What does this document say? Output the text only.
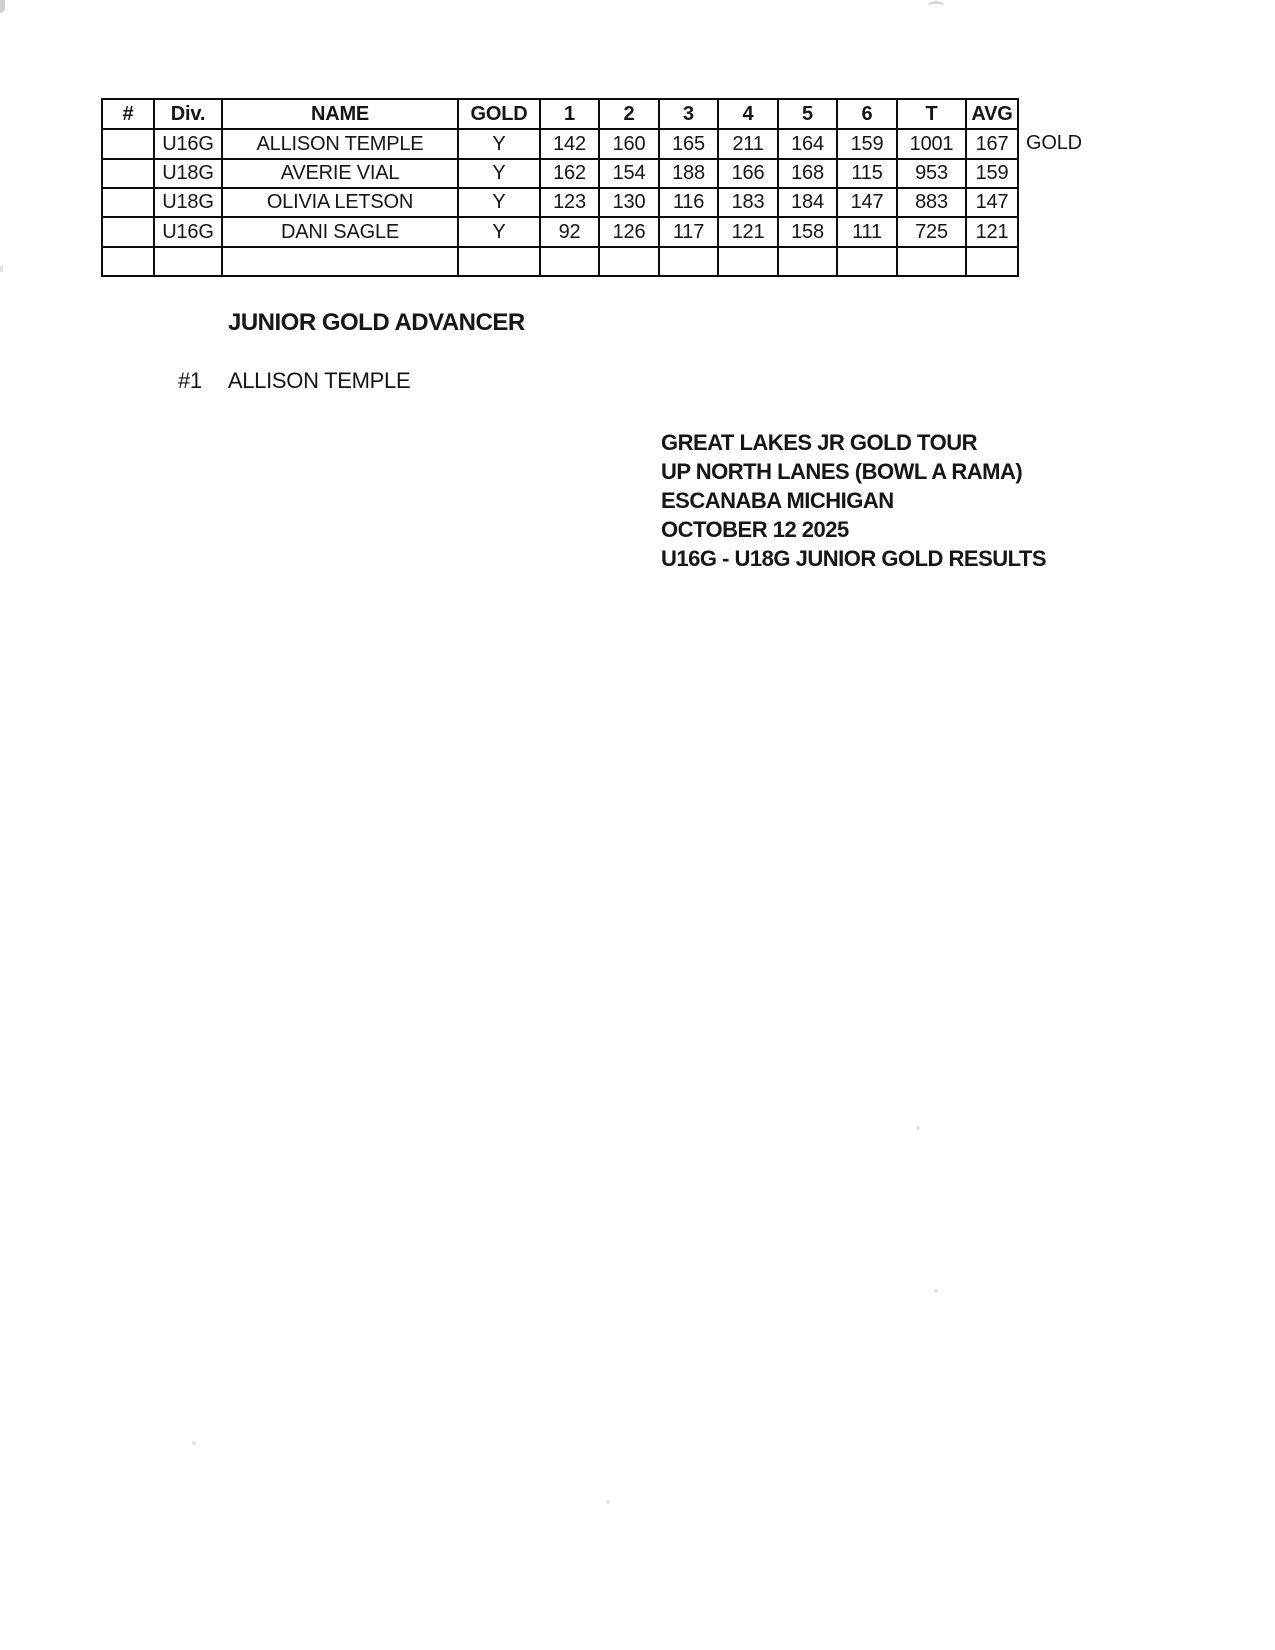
#	Div.	NAME	GOLD	1	2	3	4	5	6	T	AVG
	U16G	ALLISON TEMPLE	Y	142	160	165	211	164	159	1001	167
	U18G	AVERIE VIAL	Y	162	154	188	166	168	115	953	159
	U18G	OLIVIA LETSON	Y	123	130	116	183	184	147	883	147
	U16G	DANI SAGLE	Y	92	126	117	121	158	111	725	121

GOLD
JUNIOR GOLD ADVANCER
#1 ALLISON TEMPLE
GREAT LAKES JR GOLD TOUR
UP NORTH LANES (BOWL A RAMA)
ESCANABA MICHIGAN
OCTOBER 12 2025
U16G - U18G JUNIOR GOLD RESULTS
